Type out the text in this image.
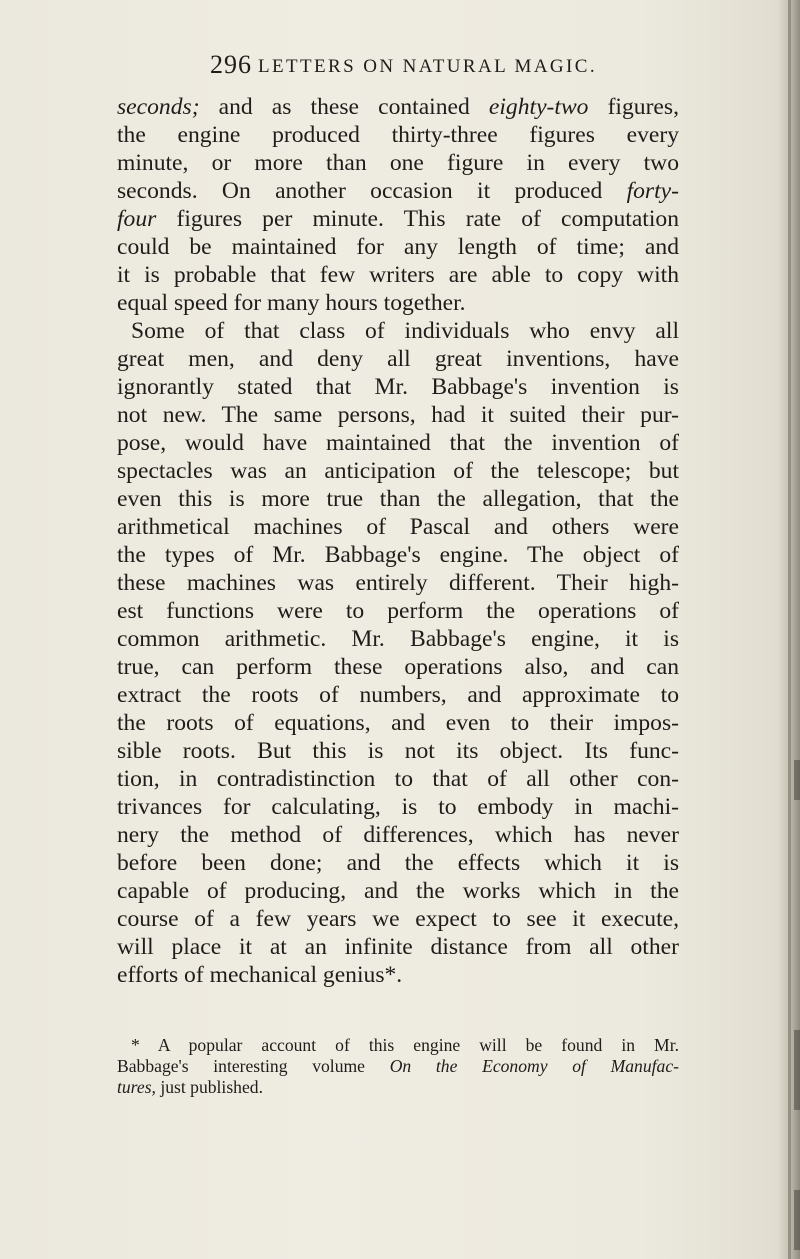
296 LETTERS ON NATURAL MAGIC.
seconds; and as these contained eighty-two figures,
the engine produced thirty-three figures every
minute, or more than one figure in every two
seconds. On another occasion it produced forty-
four figures per minute. This rate of computation
could be maintained for any length of time; and
it is probable that few writers are able to copy with
equal speed for many hours together.
Some of that class of individuals who envy all
great men, and deny all great inventions, have
ignorantly stated that Mr. Babbage's invention is
not new. The same persons, had it suited their pur-
pose, would have maintained that the invention of
spectacles was an anticipation of the telescope; but
even this is more true than the allegation, that the
arithmetical machines of Pascal and others were
the types of Mr. Babbage's engine. The object of
these machines was entirely different. Their high-
est functions were to perform the operations of
common arithmetic. Mr. Babbage's engine, it is
true, can perform these operations also, and can
extract the roots of numbers, and approximate to
the roots of equations, and even to their impos-
sible roots. But this is not its object. Its func-
tion, in contradistinction to that of all other con-
trivances for calculating, is to embody in machi-
nery the method of differences, which has never
before been done; and the effects which it is
capable of producing, and the works which in the
course of a few years we expect to see it execute,
will place it at an infinite distance from all other
efforts of mechanical genius*.
* A popular account of this engine will be found in Mr.
Babbage's interesting volume On the Economy of Manufac-
tures, just published.
